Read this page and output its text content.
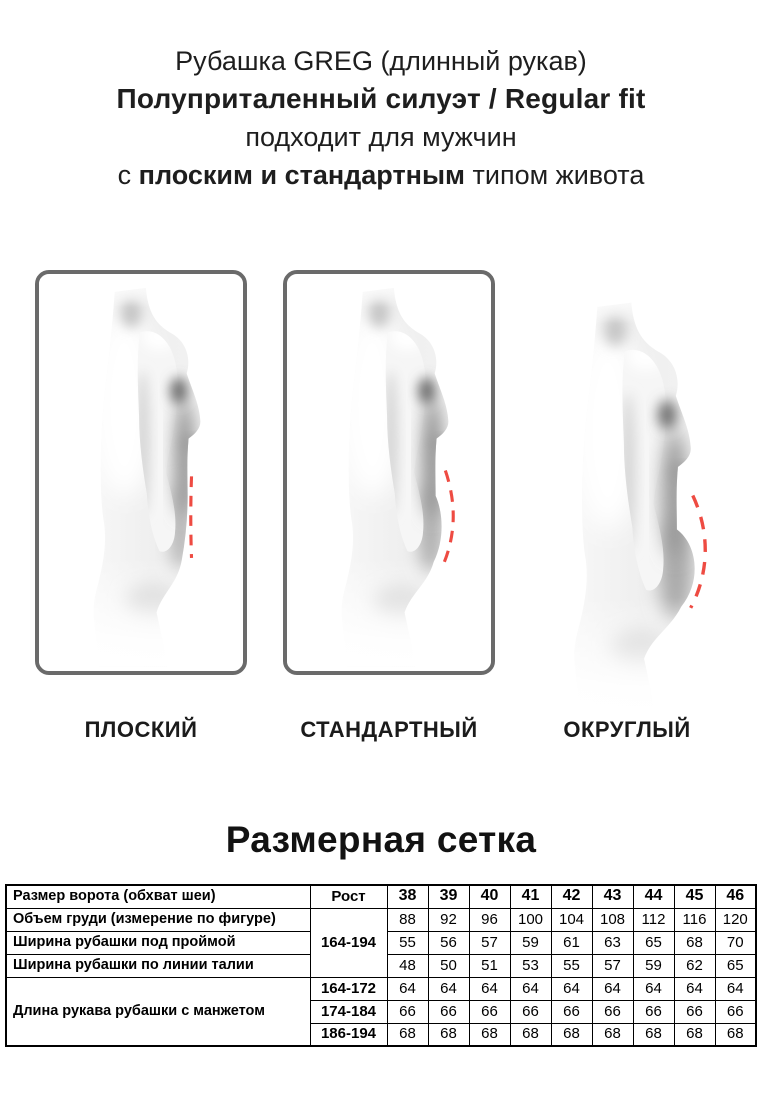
Рубашка GREG (длинный рукав)
Полуприталенный силуэт / Regular fit
подходит для мужчин
с плоским и стандартным типом живота
ПЛОСКИЙ	СТАНДАРТНЫЙ	ОКРУГЛЫЙ
Размерная сетка
Размер ворота (обхват шеи)	Рост	38	39	40	41	42	43	44	45	46
Объем груди (измерение по фигуре)	164-194	88	92	96	100	104	108	112	116	120
Ширина рубашки под проймой		55	56	57	59	61	63	65	68	70
Ширина рубашки по линии талии		48	50	51	53	55	57	59	62	65
Длина рукава рубашки с манжетом	164-172	64	64	64	64	64	64	64	64	64
	174-184	66	66	66	66	66	66	66	66	66
	186-194	68	68	68	68	68	68	68	68	68
